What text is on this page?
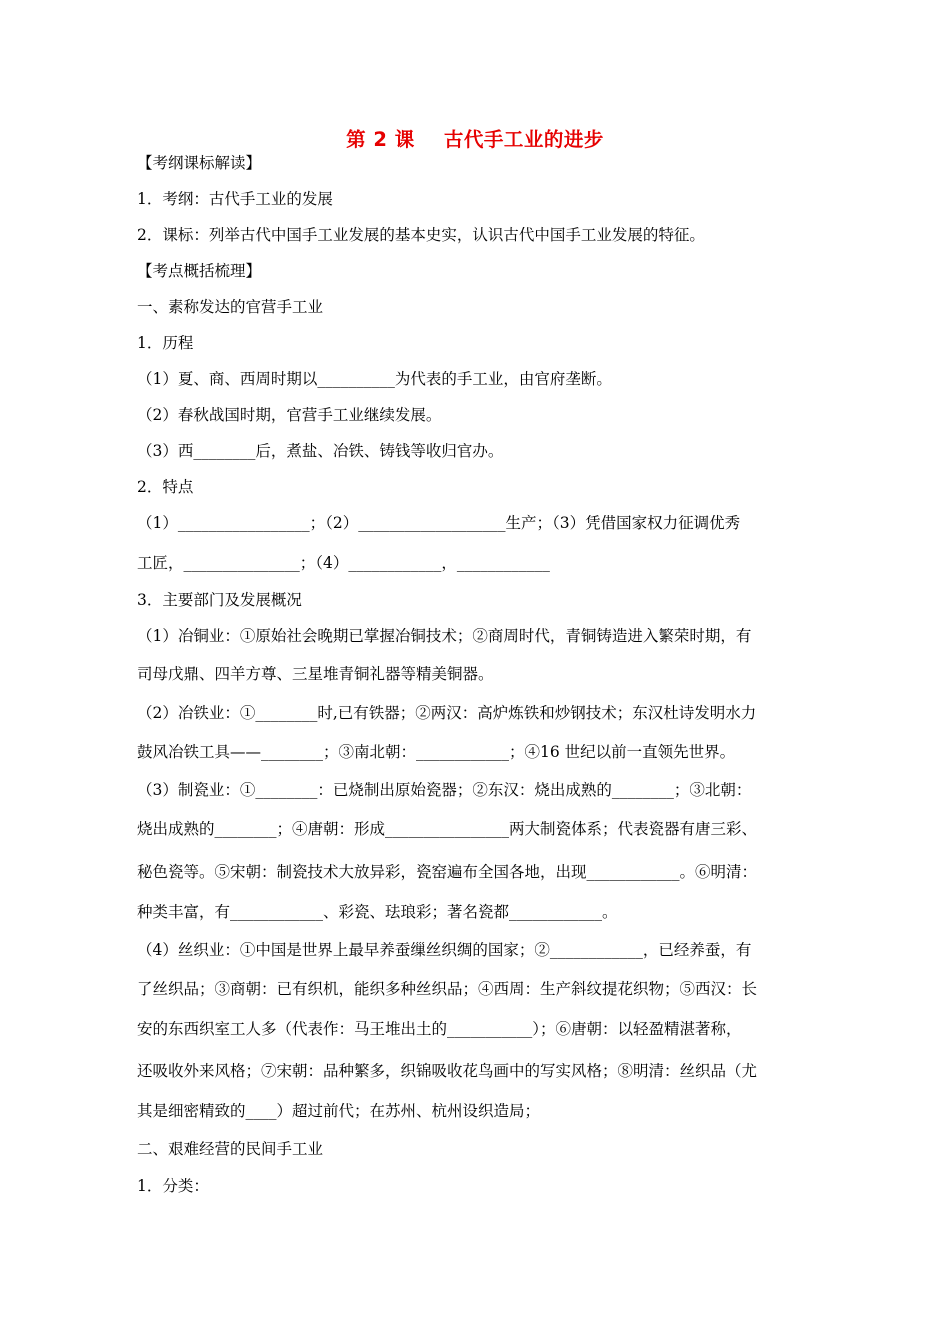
第 2 课    古代手工业的进步
【考纲课标解读】
1．考纲：古代手工业的发展
2．课标：列举古代中国手工业发展的基本史实，认识古代中国手工业发展的特征。
【考点概括梳理】
一、素称发达的官营手工业
1．历程
（1）夏、商、西周时期以__________为代表的手工业，由官府垄断。
（2）春秋战国时期，官营手工业继续发展。
（3）西________后，煮盐、冶铁、铸钱等收归官办。
2．特点
（1）_________________；（2）___________________生产；（3）凭借国家权力征调优秀
工匠，_______________；（4）____________，____________
3．主要部门及发展概况
（1）冶铜业：①原始社会晚期已掌握冶铜技术；②商周时代，青铜铸造进入繁荣时期，有
司母戊鼎、四羊方尊、三星堆青铜礼器等精美铜器。
（2）冶铁业：①________时,已有铁器；②两汉：高炉炼铁和炒钢技术；东汉杜诗发明水力
鼓风冶铁工具——________；③南北朝：____________；④16 世纪以前一直领先世界。
（3）制瓷业：①________：已烧制出原始瓷器；②东汉：烧出成熟的________；③北朝：
烧出成熟的________；④唐朝：形成________________两大制瓷体系；代表瓷器有唐三彩、
秘色瓷等。⑤宋朝：制瓷技术大放异彩，瓷窑遍布全国各地，出现____________。⑥明清：
种类丰富，有____________、彩瓷、珐琅彩；著名瓷都____________。
（4）丝织业：①中国是世界上最早养蚕缫丝织绸的国家；②____________，已经养蚕，有
了丝织品；③商朝：已有织机，能织多种丝织品；④西周：生产斜纹提花织物；⑤西汉：长
安的东西织室工人多（代表作：马王堆出土的___________）；⑥唐朝：以轻盈精湛著称，
还吸收外来风格；⑦宋朝：品种繁多，织锦吸收花鸟画中的写实风格；⑧明清：丝织品（尤
其是细密精致的____）超过前代；在苏州、杭州设织造局；
二、艰难经营的民间手工业
1．分类：
